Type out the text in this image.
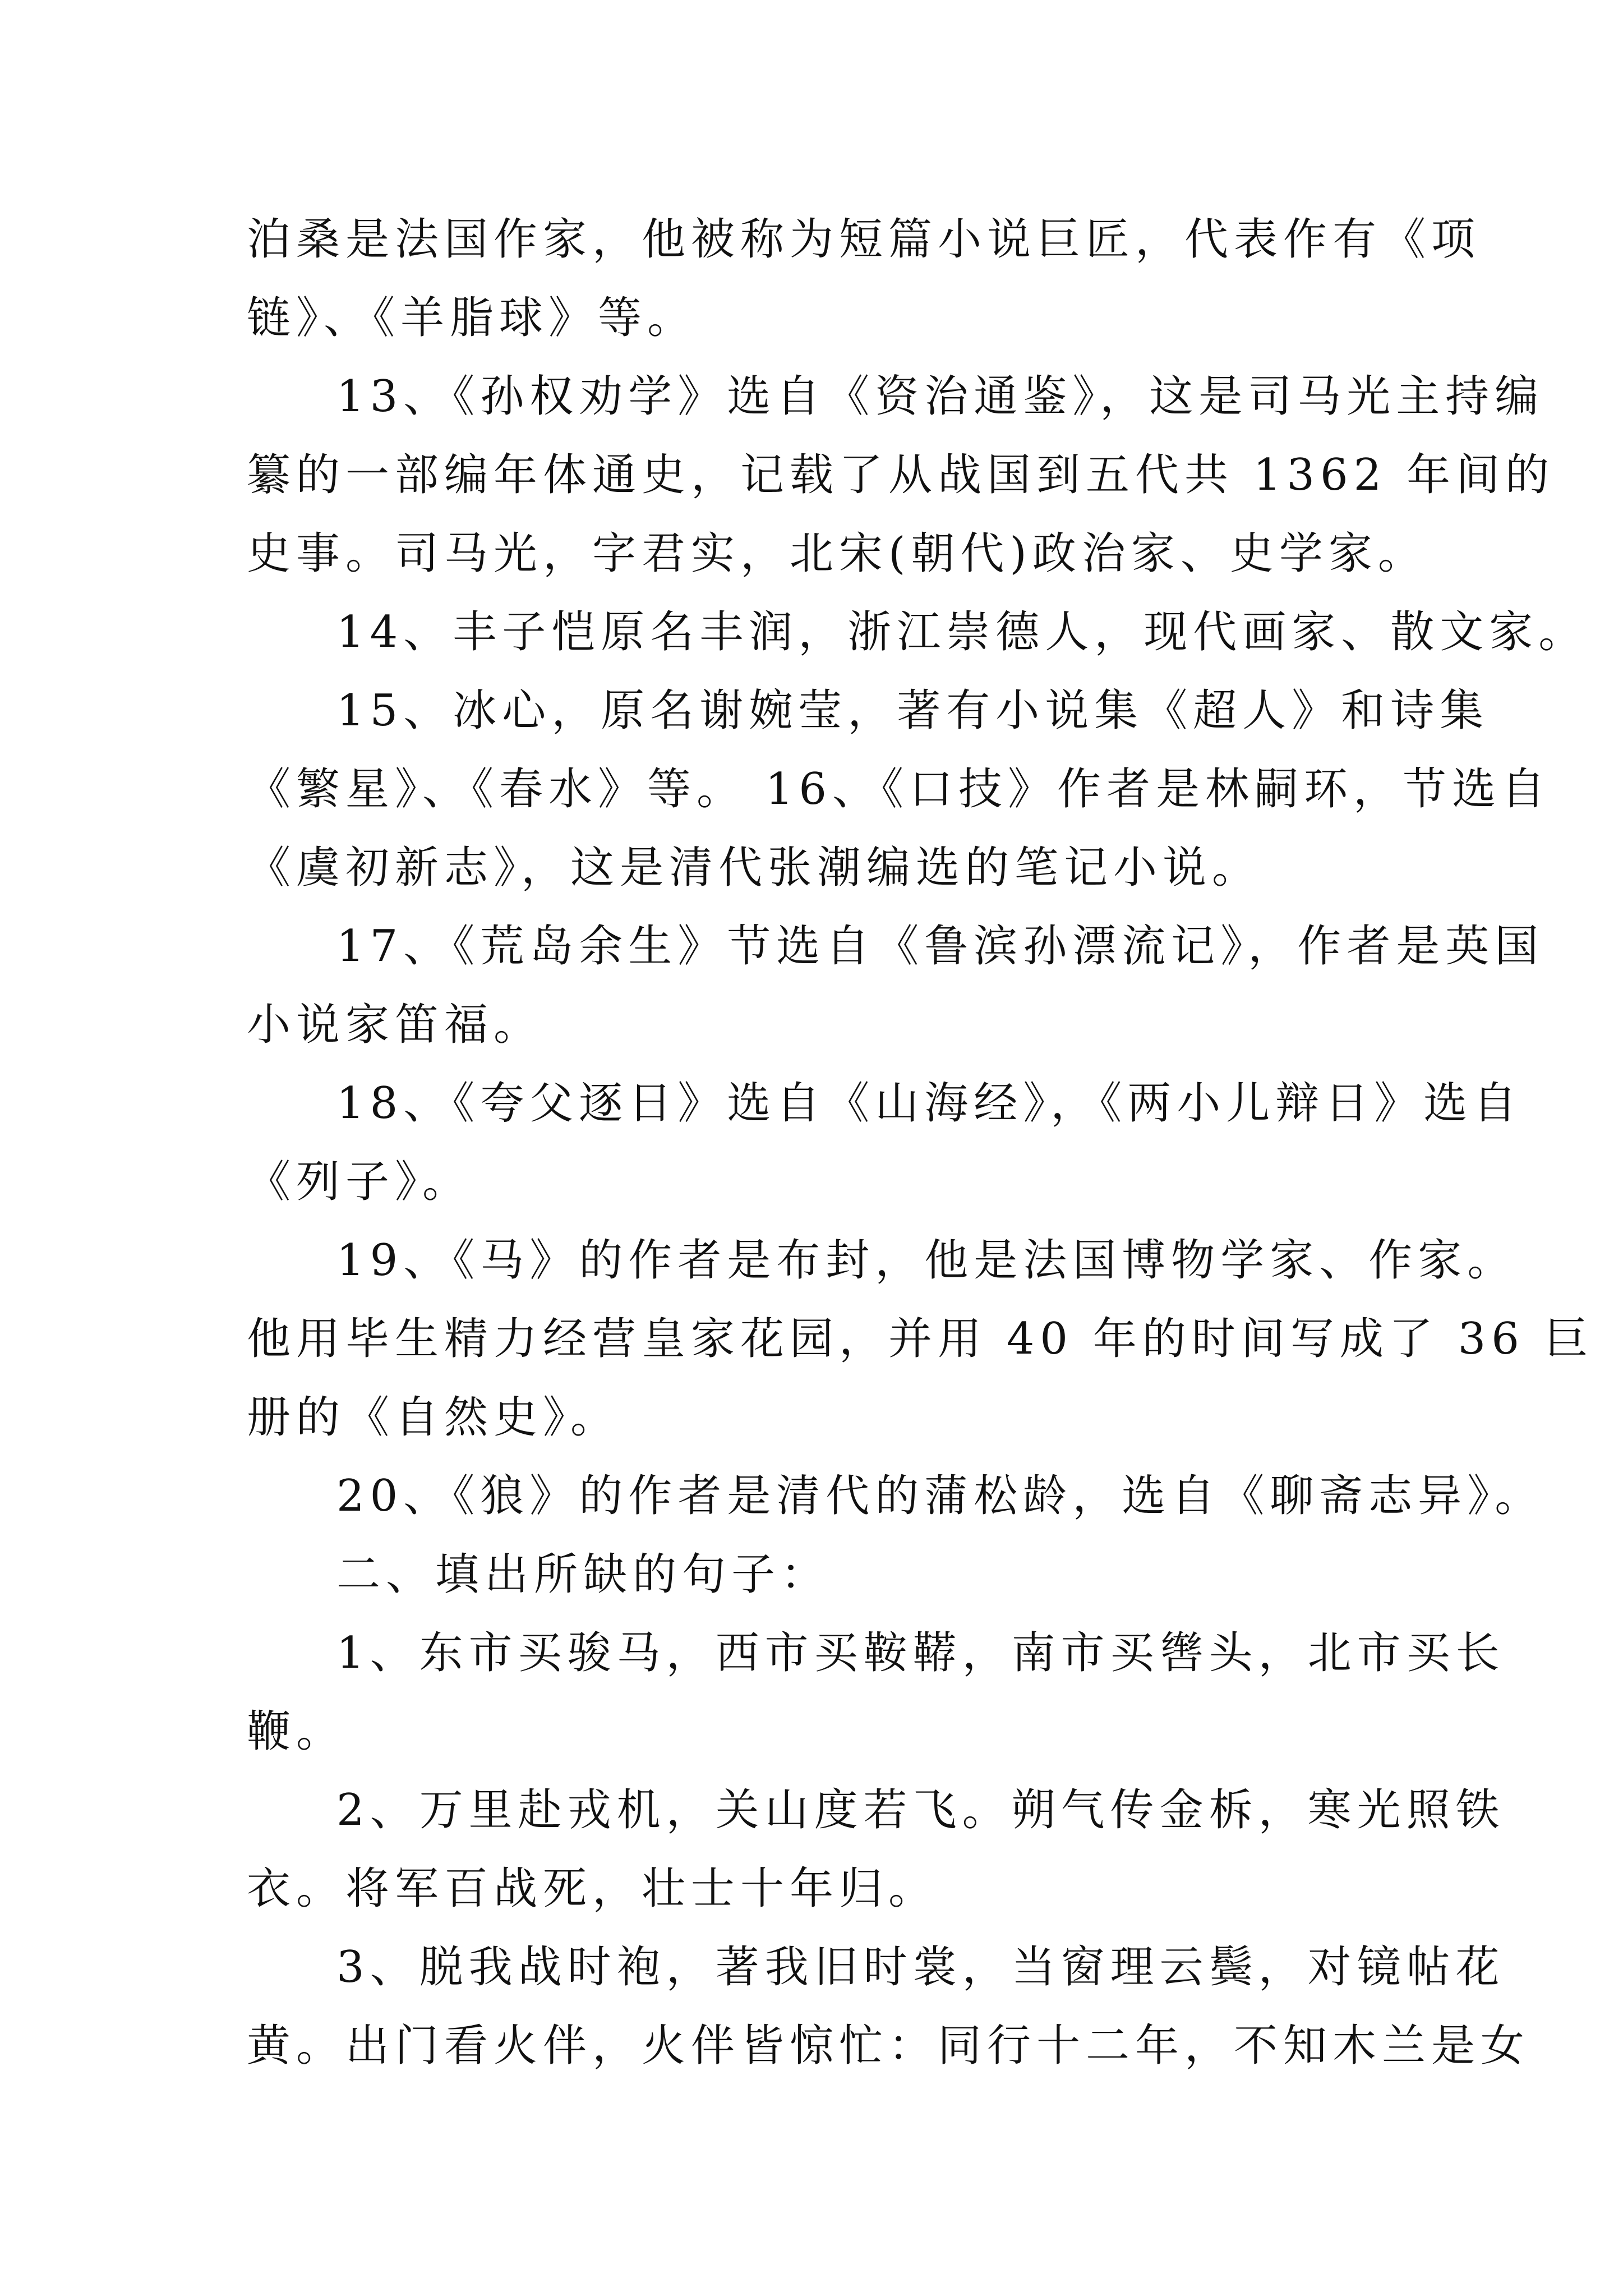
泊桑是法国作家，他被称为短篇小说巨匠，代表作有《项
链》、《羊脂球》等。
13、《孙权劝学》选自《资治通鉴》，这是司马光主持编
纂的一部编年体通史，记载了从战国到五代共 1362 年间的
史事。司马光，字君实，北宋(朝代)政治家、史学家。
14、丰子恺原名丰润，浙江崇德人，现代画家、散文家。
15、冰心，原名谢婉莹，著有小说集《超人》和诗集
《繁星》、《春水》等。 16、《口技》作者是林嗣环，节选自
《虞初新志》，这是清代张潮编选的笔记小说。
17、《荒岛余生》节选自《鲁滨孙漂流记》，作者是英国
小说家笛福。
18、《夸父逐日》选自《山海经》，《两小儿辩日》选自
《列子》。
19、《马》的作者是布封，他是法国博物学家、作家。
他用毕生精力经营皇家花园，并用 40 年的时间写成了 36 巨
册的《自然史》。
20、《狼》的作者是清代的蒲松龄，选自《聊斋志异》。
二、填出所缺的句子：
1、东市买骏马，西市买鞍鞯，南市买辔头，北市买长
鞭。
2、万里赴戎机，关山度若飞。朔气传金柝，寒光照铁
衣。将军百战死，壮士十年归。
3、脱我战时袍，著我旧时裳，当窗理云鬓，对镜帖花
黄。出门看火伴，火伴皆惊忙：同行十二年，不知木兰是女
